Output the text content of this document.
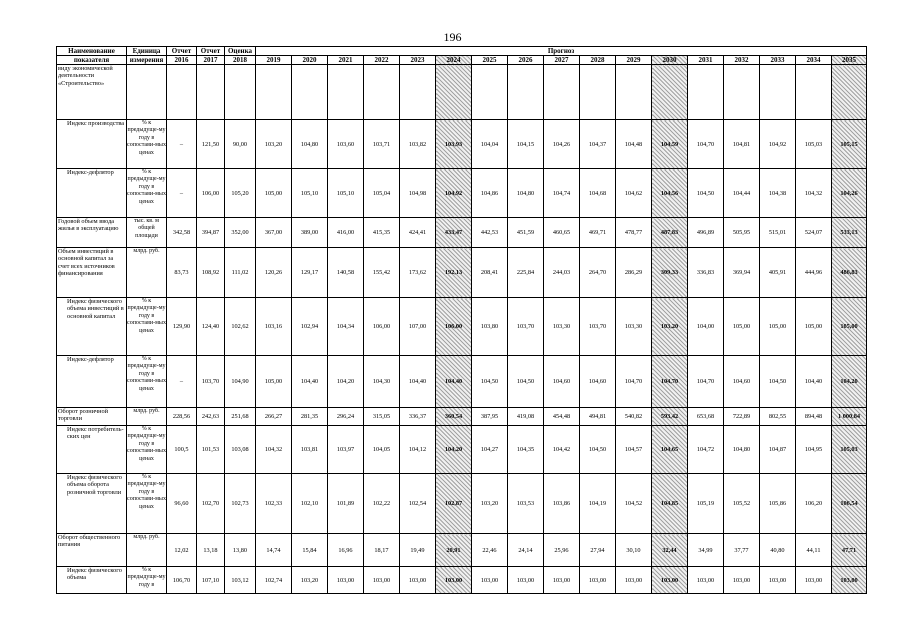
196
Наименование	Единица	Отчет	Отчет	Оценка	Прогноз																
показателя	измерения	2016	2017	2018	2019	2020	2021	2022	2023	2024	2025	2026	2027	2028	2029	2030	2031	2032	2033	2034	2035
виду экономической деятельности «Строительство»																					
Индекс производства	% к предыдуще-му году в сопостави-мых ценах	–	121,50	90,00	103,20	104,80	103,60	103,71	103,82	103,93	104,04	104,15	104,26	104,37	104,48	104,59	104,70	104,81	104,92	105,03	105,15
Индекс-дефлятор	% к предыдуще-му году в сопостави-мых ценах	–	106,00	105,20	105,00	105,10	105,10	105,04	104,98	104,92	104,86	104,80	104,74	104,68	104,62	104,56	104,50	104,44	104,38	104,32	104,26
Годовой объем ввода жилья в эксплуатацию	тыс. кв. м общей площади	342,58	394,87	352,00	367,00	389,00	416,00	415,35	424,41	433,47	442,53	451,59	460,65	469,71	478,77	487,83	496,89	505,95	515,01	524,07	533,13
Объем инвестиций в основной капитал за счет всех источников финансирования	млрд. руб.	83,73	108,92	111,02	120,26	129,17	140,58	155,42	173,62	192,13	208,41	225,84	244,03	264,70	286,29	309,33	336,83	369,94	405,91	444,96	486,83
Индекс физического объема инвестиций в основной капитал	% к предыдуще-му году в сопостави-мых ценах	129,90	124,40	102,62	103,16	102,94	104,34	106,00	107,00	106,00	103,80	103,70	103,30	103,70	103,30	103,20	104,00	105,00	105,00	105,00	105,00
Индекс-дефлятор	% к предыдуще-му году в сопостави-мых ценах	–	103,70	104,90	105,00	104,40	104,20	104,30	104,40	104,40	104,50	104,50	104,60	104,60	104,70	104,70	104,70	104,60	104,50	104,40	104,20
Оборот розничной торговли	млрд. руб.	228,56	242,63	251,68	266,27	281,35	296,24	315,05	336,37	360,54	387,95	419,08	454,48	494,81	540,82	593,42	653,68	722,89	802,55	894,48	1 000,84
Индекс потребитель-ских цен	% к предыдуще-му году в сопостави-мых ценах	100,5	101,53	103,08	104,32	103,81	103,97	104,05	104,12	104,20	104,27	104,35	104,42	104,50	104,57	104,65	104,72	104,80	104,87	104,95	105,03
Индекс физического объема оборота розничной торговли	% к предыдуще-му году в сопостави-мых ценах	96,60	102,70	102,73	102,33	102,10	101,89	102,22	102,54	102,87	103,20	103,53	103,86	104,19	104,52	104,85	105,19	105,52	105,86	106,20	106,54
Оборот общественного питания	млрд. руб.	12,02	13,18	13,80	14,74	15,84	16,96	18,17	19,49	20,91	22,46	24,14	25,96	27,94	30,10	32,44	34,99	37,77	40,80	44,11	47,71
Индекс физического объема	% к предыдуще-му году в	106,70	107,10	103,12	102,74	103,20	103,00	103,00	103,00	103,00	103,00	103,00	103,00	103,00	103,00	103,00	103,00	103,00	103,00	103,00	103,00
